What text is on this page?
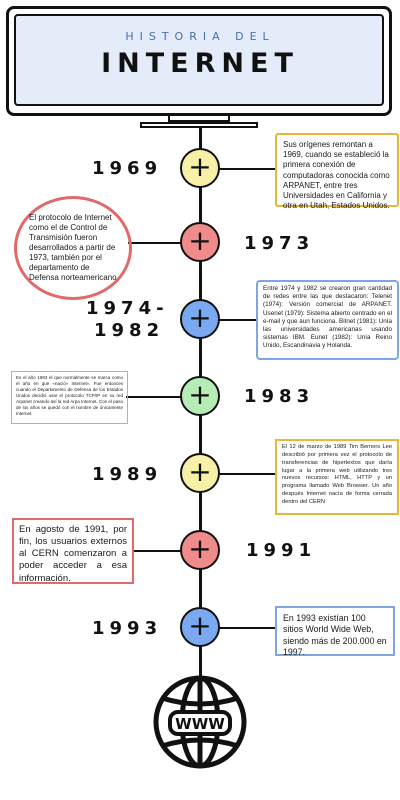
HISTORIA DEL
INTERNET
+
+
+
+
+
+
+
1969
1973
1974-
1982
1983
1989
1991
1993
Sus orígenes remontan a 1969, cuando se estableció la primera conexión de computadoras conocida como ARPANET, entre tres Universidades en California y otra en Utah, Estados Unidos.
El protocolo de Internet como el de Control de Transmisión fueron desarrollados a partir de 1973, también por el departamento de Defensa norteamericano
Entre 1974 y 1982 se crearon gran cantidad de redes entre las que destacaron: Telenet (1974): Versión comercial de ARPANET. Usenet (1979): Sistema abierto centrado en el e-mail y que aun funciona. Bitnet (1981): Unía las universidades americanas usando sistemas IBM. Eunet (1982): Unía Reino Unido, Escandinavia y Holanda.
Es el año 1983 el que normalmente se marca como el año en que «nació» Internet». Fue entonces cuando el Departamento de Defensa de los Estados Unidos decidió usar el protocolo TCP/IP en su red Arpanet creando así la red Arpa Internet. Con el paso de los años se quedó con el nombre de únicamente Internet.
El 12 de marzo de 1989 Tim Berners Lee describió por primera vez el protocolo de transferencias de hipertextos que daría lugar a la primera web utilizando tres nuevos recursos: HTML, HTTP y un programa llamado Web Browser. Un año después Internet nacía de forma cerrada dentro del CERN
En agosto de 1991, por fin, los usuarios externos al CERN comenzaron a poder acceder a esa información.
En 1993 existían 100 sitios World Wide Web, siendo más de 200.000 en 1997.
WWW
